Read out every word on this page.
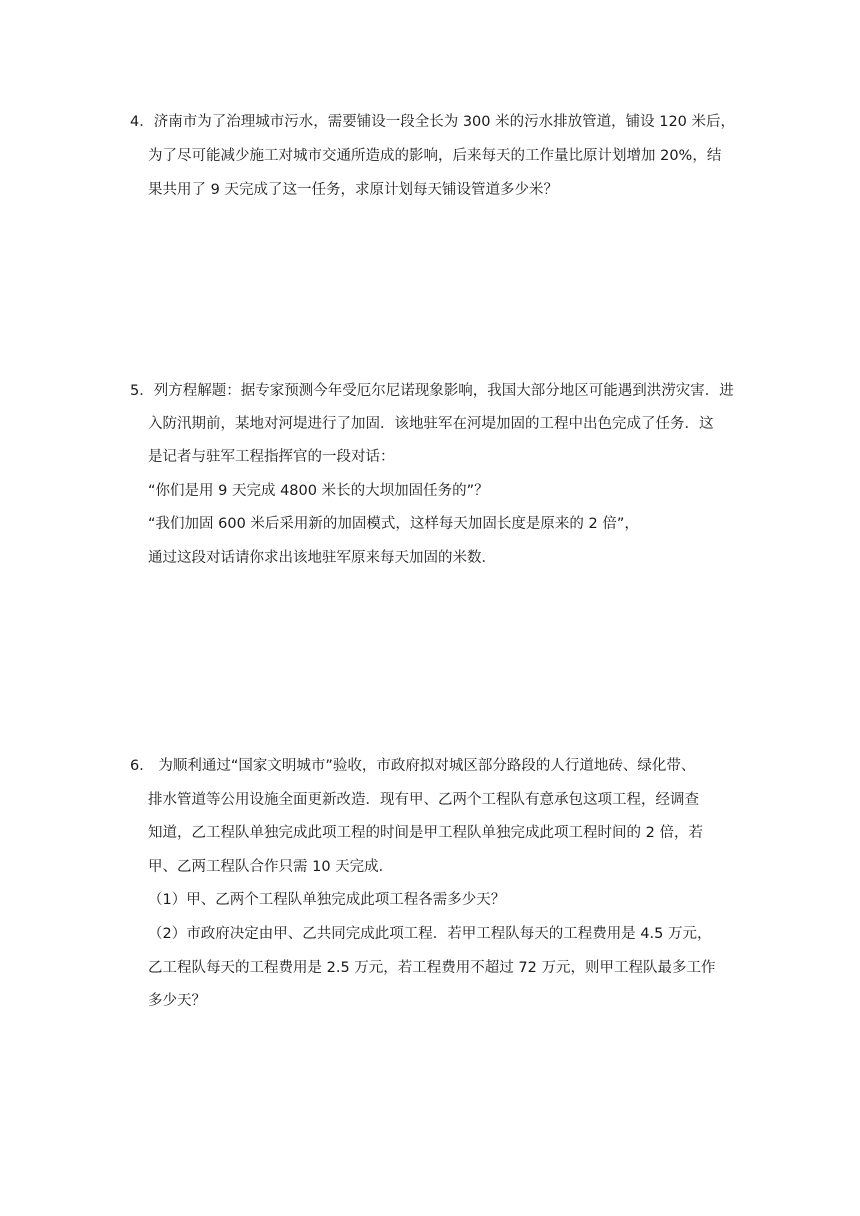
4．济南市为了治理城市污水，需要铺设一段全长为 300 米的污水排放管道，铺设 120 米后，
为了尽可能减少施工对城市交通所造成的影响，后来每天的工作量比原计划增加 20%，结
果共用了 9 天完成了这一任务，求原计划每天铺设管道多少米？
5．列方程解题：据专家预测今年受厄尔尼诺现象影响，我国大部分地区可能遇到洪涝灾害．进
入防汛期前，某地对河堤进行了加固．该地驻军在河堤加固的工程中出色完成了任务．这
是记者与驻军工程指挥官的一段对话：
“你们是用 9 天完成 4800 米长的大坝加固任务的”？
“我们加固 600 米后采用新的加固模式，这样每天加固长度是原来的 2 倍”，
通过这段对话请你求出该地驻军原来每天加固的米数．
6． 为顺利通过“国家文明城市”验收，市政府拟对城区部分路段的人行道地砖、绿化带、
排水管道等公用设施全面更新改造．现有甲、乙两个工程队有意承包这项工程，经调查
知道，乙工程队单独完成此项工程的时间是甲工程队单独完成此项工程时间的 2 倍，若
甲、乙两工程队合作只需 10 天完成．
（1）甲、乙两个工程队单独完成此项工程各需多少天？
（2）市政府决定由甲、乙共同完成此项工程．若甲工程队每天的工程费用是 4.5 万元，
乙工程队每天的工程费用是 2.5 万元，若工程费用不超过 72 万元，则甲工程队最多工作
多少天？
